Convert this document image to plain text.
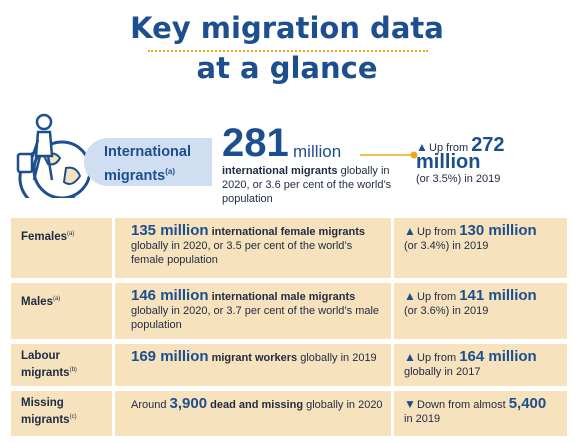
Key migration data
at a glance
International
migrants$^{(a)}$
281 million
international migrants globally in 2020, or 3.6 per cent of the world’s population
▲Up from 272 million
(or 3.5%) in 2019
Females$^{(a)}$	135 million international female migrants globally in 2020, or 3.5 per cent of the world’s female population
▲Up from 130 million
(or 3.4%) in 2019
Males$^{(a)}$	146 million international male migrants globally in 2020, or 3.7 per cent of the world’s male population
▲Up from 141 million
(or 3.6%) in 2019
Labour
migrants$^{(b)}$
169 million migrant workers globally in 2019	▲Up from 164 million
globally in 2017
Missing
migrants$^{(c)}$
Around 3,900 dead and missing globally in 2020	▼Down from almost 5,400
in 2019
